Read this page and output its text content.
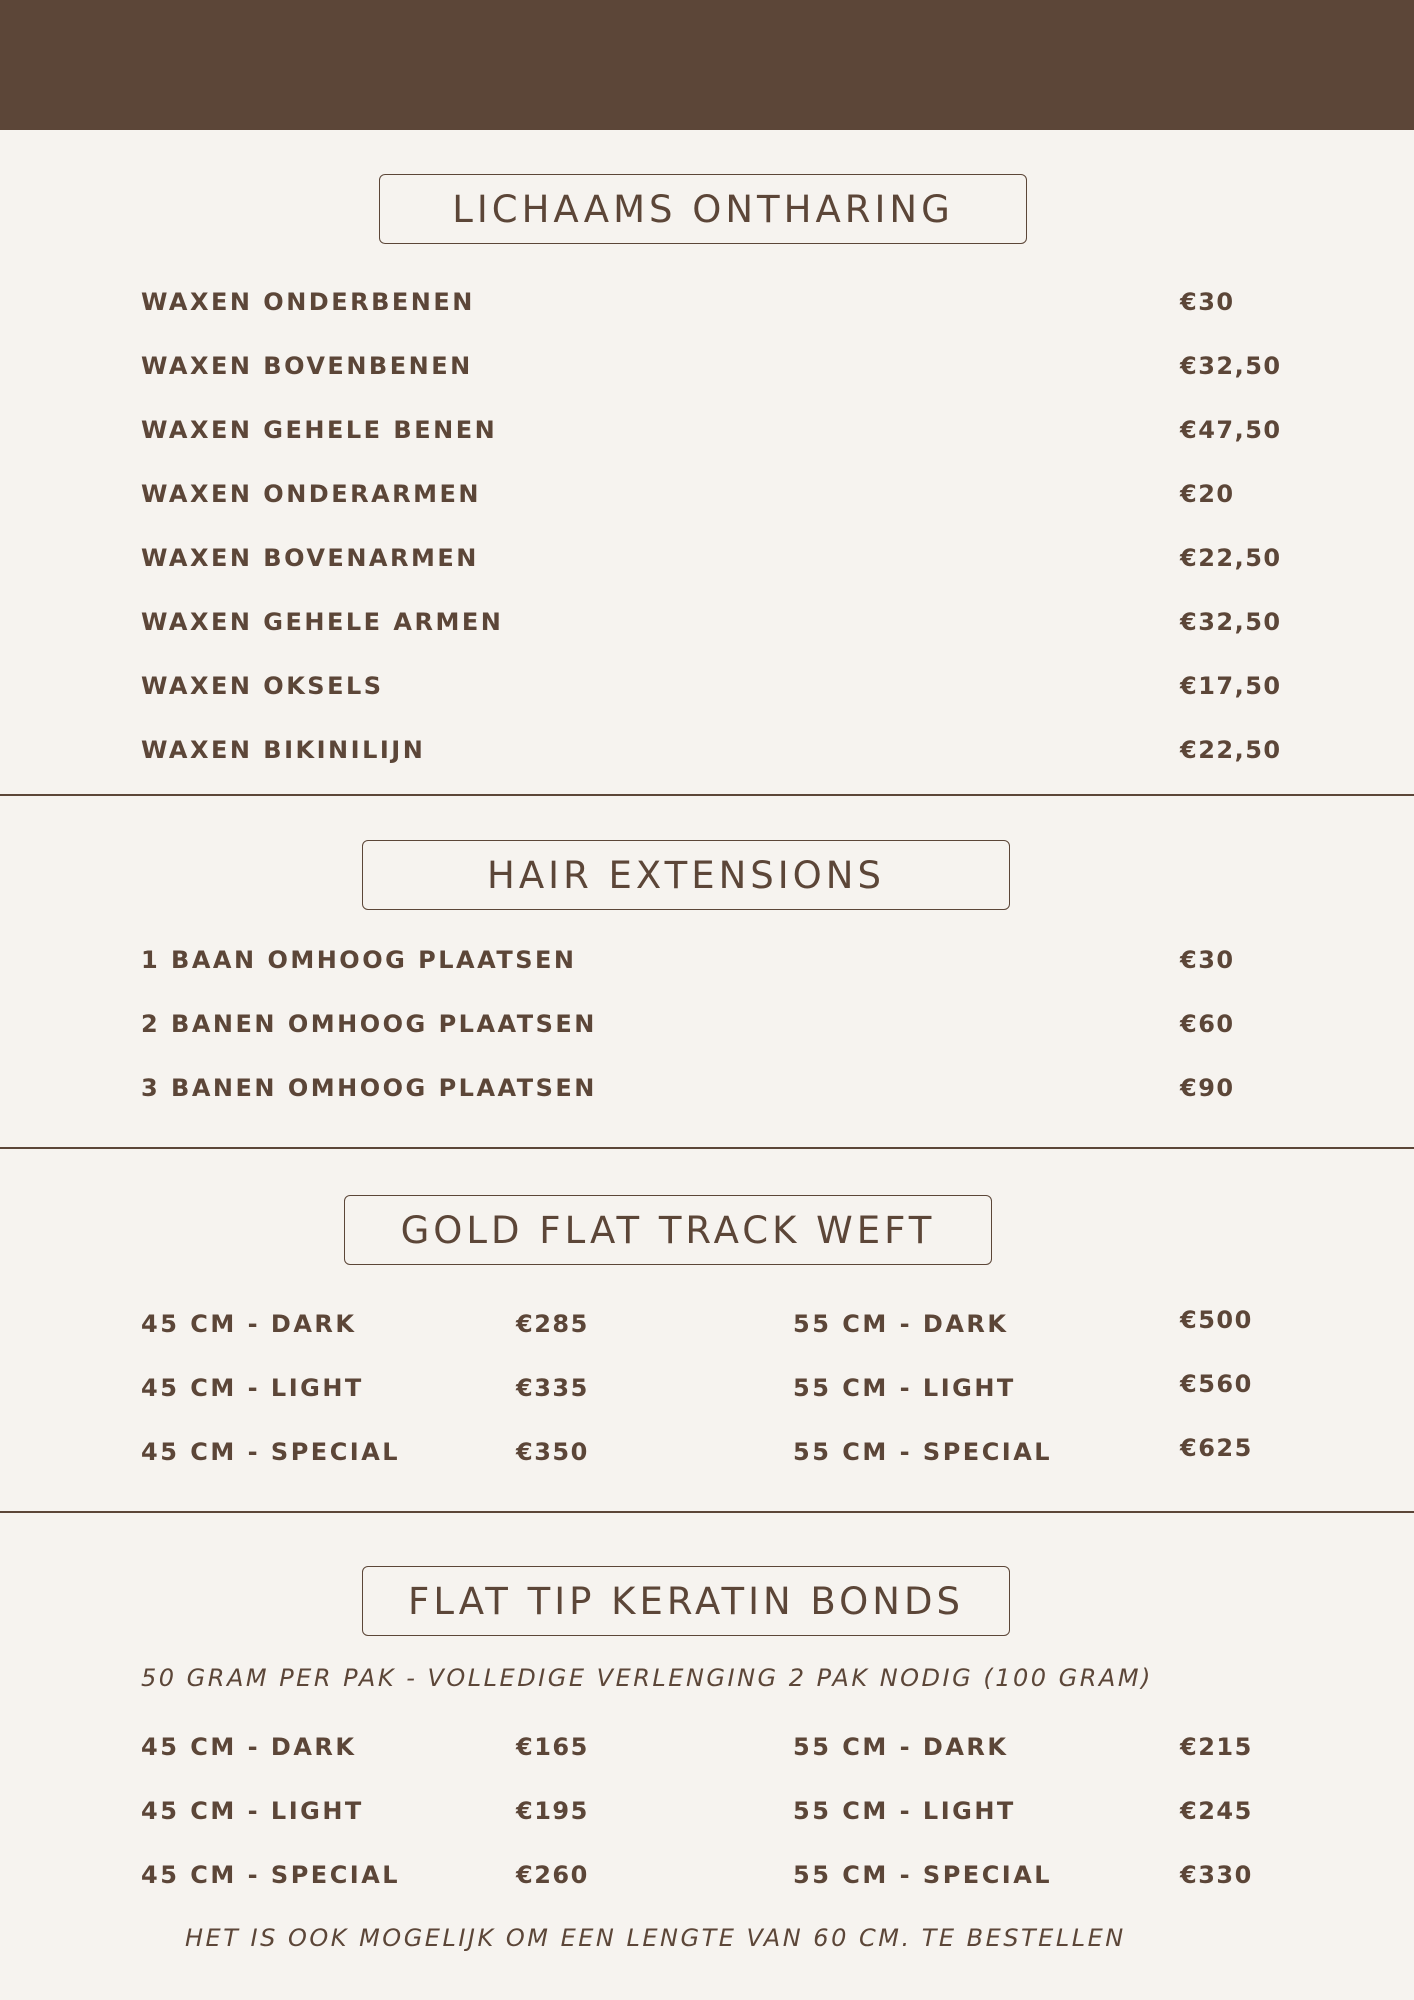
LICHAAMS ONTHARING
WAXEN ONDERBENEN	€30
WAXEN BOVENBENEN	€32,50
WAXEN GEHELE BENEN	€47,50
WAXEN ONDERARMEN	€20
WAXEN BOVENARMEN	€22,50
WAXEN GEHELE ARMEN	€32,50
WAXEN OKSELS	€17,50
WAXEN BIKINILIJN	€22,50
HAIR EXTENSIONS
1 BAAN OMHOOG PLAATSEN	€30
2 BANEN OMHOOG PLAATSEN	€60
3 BANEN OMHOOG PLAATSEN	€90
GOLD FLAT TRACK WEFT
45 CM - DARK	€285	55 CM - DARK	€500
45 CM - LIGHT	€335	55 CM - LIGHT	€560
45 CM - SPECIAL	€350	55 CM - SPECIAL	€625
FLAT TIP KERATIN BONDS
50 GRAM PER PAK - VOLLEDIGE VERLENGING 2 PAK NODIG (100 GRAM)
45 CM - DARK	€165	55 CM - DARK	€215
45 CM - LIGHT	€195	55 CM - LIGHT	€245
45 CM - SPECIAL	€260	55 CM - SPECIAL	€330
HET IS OOK MOGELIJK OM EEN LENGTE VAN 60 CM. TE BESTELLEN
